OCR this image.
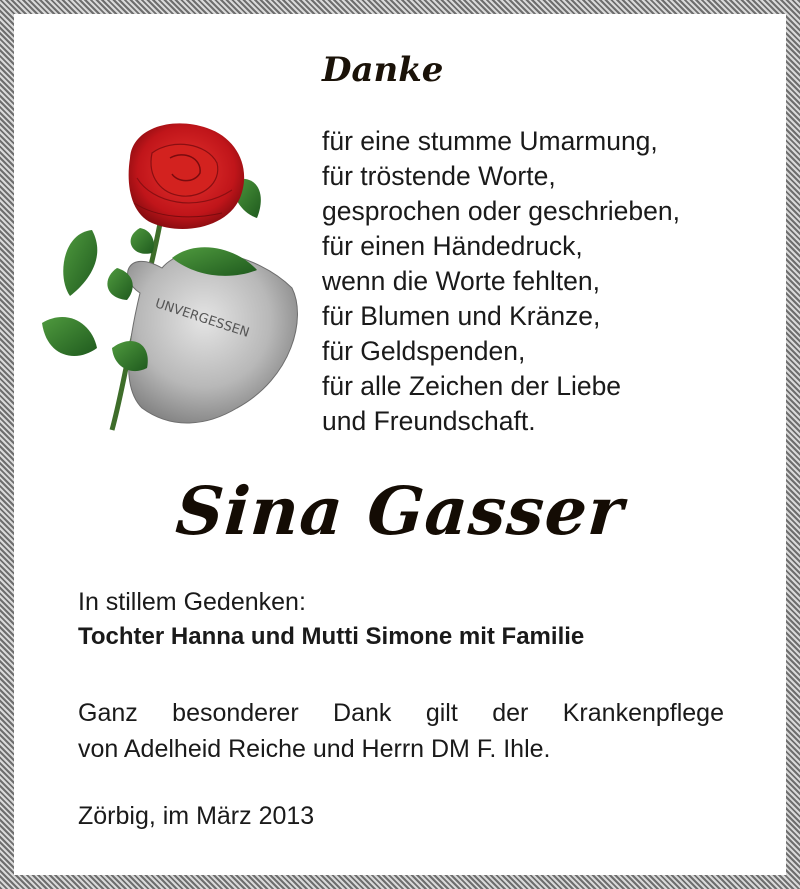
UNVERGESSEN
Danke
für eine stumme Umarmung,
für tröstende Worte,
gesprochen oder geschrieben,
für einen Händedruck,
wenn die Worte fehlten,
für Blumen und Kränze,
für Geldspenden,
für alle Zeichen der Liebe
und Freundschaft.
Sina Gasser

In stillem Gedenken:

Tochter Hanna und Mutti Simone mit Familie

Ganz besonderer Dank gilt der Krankenpflege
von Adelheid Reiche und Herrn DM F. Ihle.

Zörbig, im März 2013
